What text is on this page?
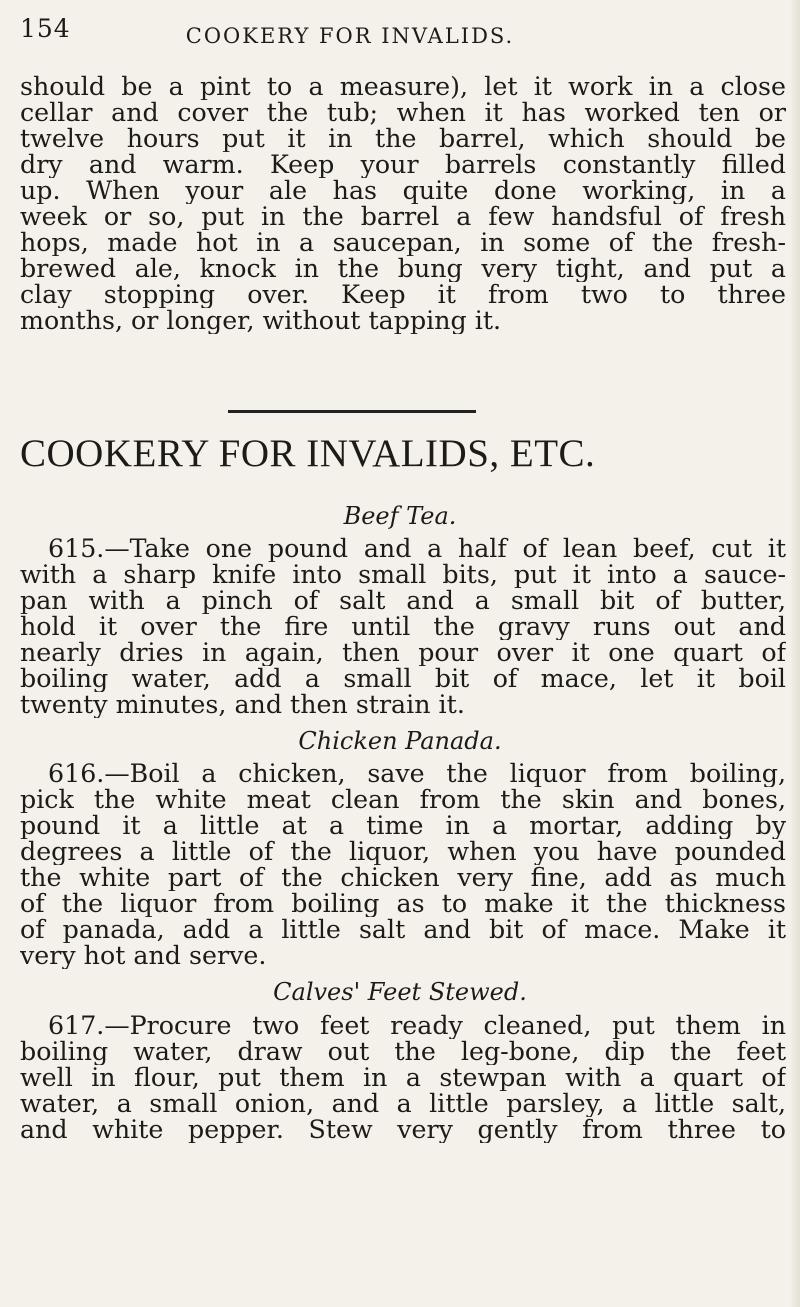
154	COOKERY FOR INVALIDS.
should be a pint to a measure), let it work in a close
cellar and cover the tub; when it has worked ten or
twelve hours put it in the barrel, which should be
dry and warm. Keep your barrels constantly filled
up. When your ale has quite done working, in a
week or so, put in the barrel a few handsful of fresh
hops, made hot in a saucepan, in some of the fresh-
brewed ale, knock in the bung very tight, and put a
clay stopping over. Keep it from two to three
months, or longer, without tapping it.
COOKERY FOR INVALIDS, ETC.
Beef Tea.
615.—Take one pound and a half of lean beef, cut it
with a sharp knife into small bits, put it into a sauce-
pan with a pinch of salt and a small bit of butter,
hold it over the fire until the gravy runs out and
nearly dries in again, then pour over it one quart of
boiling water, add a small bit of mace, let it boil
twenty minutes, and then strain it.
Chicken Panada.
616.—Boil a chicken, save the liquor from boiling,
pick the white meat clean from the skin and bones,
pound it a little at a time in a mortar, adding by
degrees a little of the liquor, when you have pounded
the white part of the chicken very fine, add as much
of the liquor from boiling as to make it the thickness
of panada, add a little salt and bit of mace. Make it
very hot and serve.
Calves' Feet Stewed.
617.—Procure two feet ready cleaned, put them in
boiling water, draw out the leg-bone, dip the feet
well in flour, put them in a stewpan with a quart of
water, a small onion, and a little parsley, a little salt,
and white pepper. Stew very gently from three to
